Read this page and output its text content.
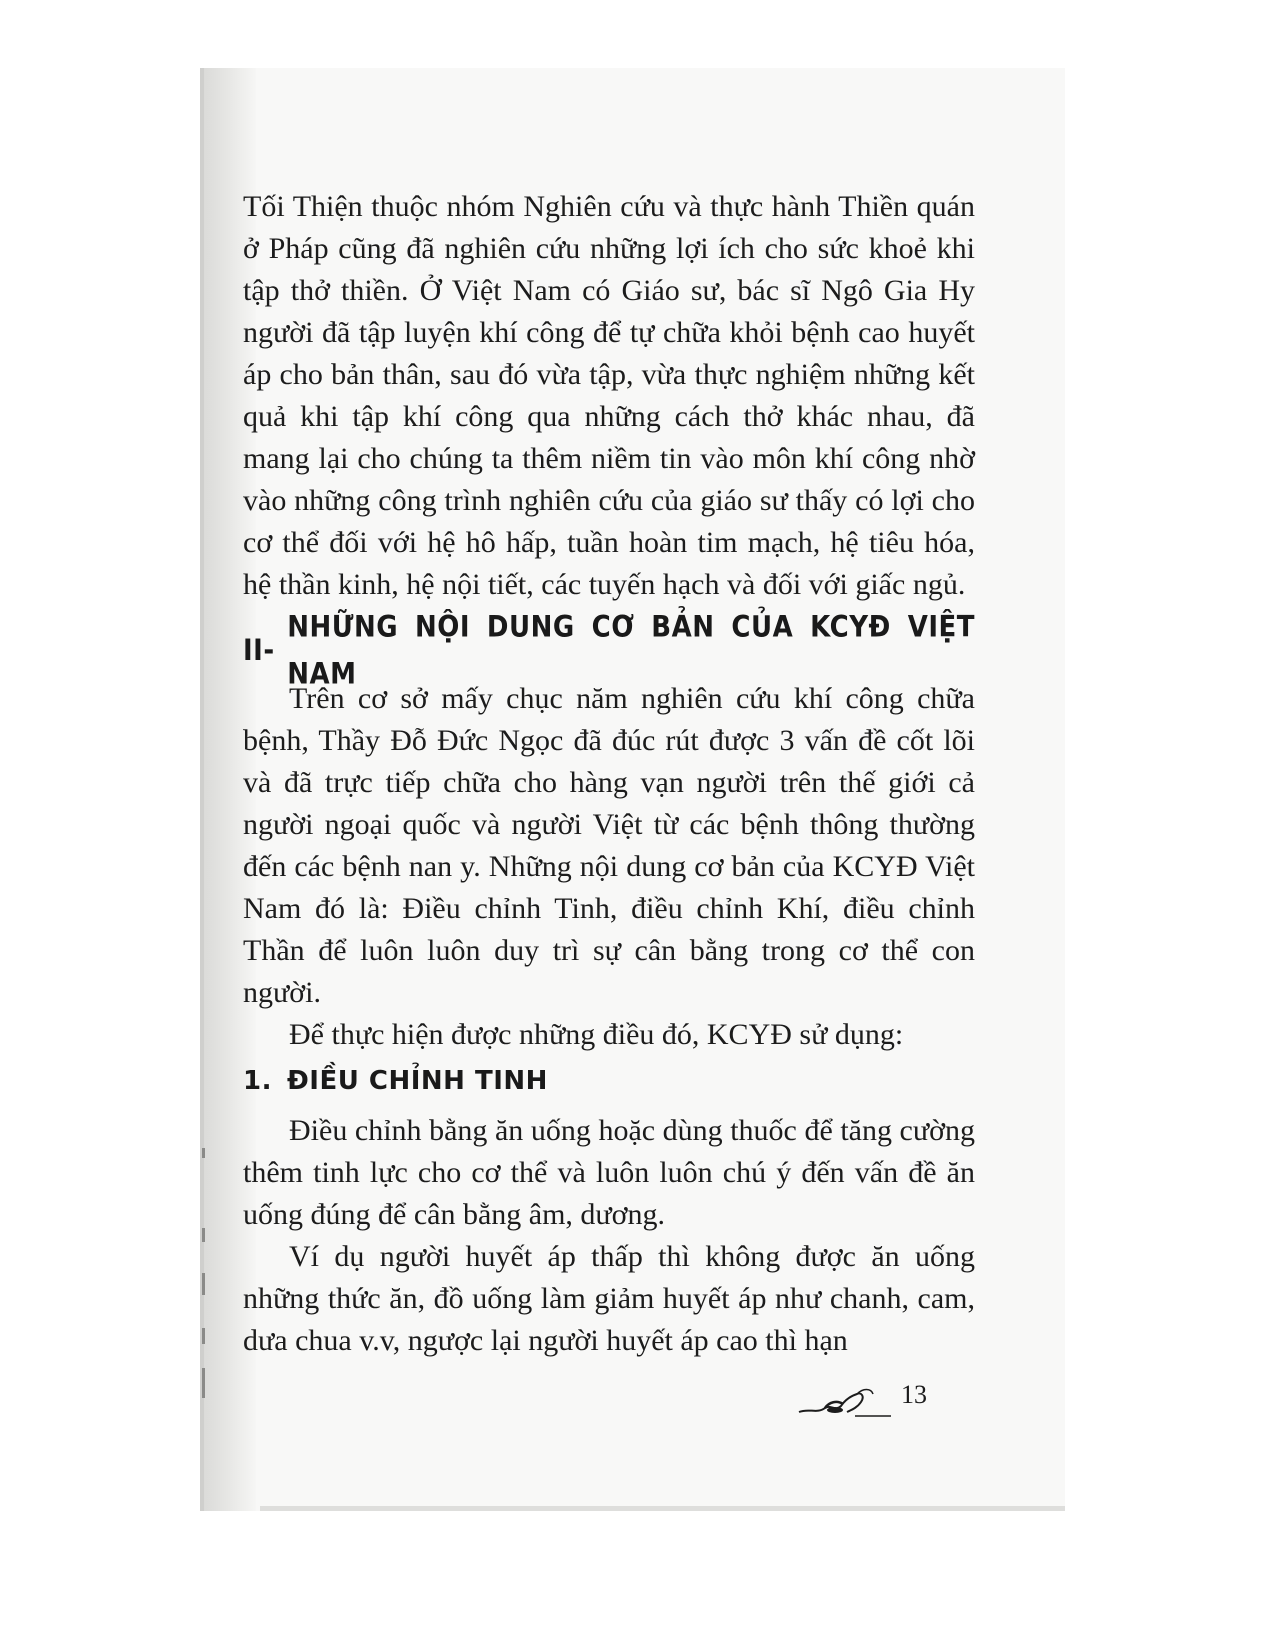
Tối Thiện thuộc nhóm Nghiên cứu và thực hành Thiền quán ở Pháp cũng đã nghiên cứu những lợi ích cho sức khoẻ khi tập thở thiền. Ở Việt Nam có Giáo sư, bác sĩ Ngô Gia Hy người đã tập luyện khí công để tự chữa khỏi bệnh cao huyết áp cho bản thân, sau đó vừa tập, vừa thực nghiệm những kết quả khi tập khí công qua những cách thở khác nhau, đã mang lại cho chúng ta thêm niềm tin vào môn khí công nhờ vào những công trình nghiên cứu của giáo sư thấy có lợi cho cơ thể đối với hệ hô hấp, tuần hoàn tim mạch, hệ tiêu hóa, hệ thần kinh, hệ nội tiết, các tuyến hạch và đối với giấc ngủ.

II-
NHỮNG NỘI DUNG CƠ BẢN CỦA KCYĐ VIỆT NAM

Trên cơ sở mấy chục năm nghiên cứu khí công chữa bệnh, Thầy Đỗ Đức Ngọc đã đúc rút được 3 vấn đề cốt lõi và đã trực tiếp chữa cho hàng vạn người trên thế giới cả người ngoại quốc và người Việt từ các bệnh thông thường đến các bệnh nan y. Những nội dung cơ bản của KCYĐ Việt Nam đó là: Điều chỉnh Tinh, điều chỉnh Khí, điều chỉnh Thần để luôn luôn duy trì sự cân bằng trong cơ thể con người.

Để thực hiện được những điều đó, KCYĐ sử dụng:

1. ĐIỀU CHỈNH TINH

Điều chỉnh bằng ăn uống hoặc dùng thuốc để tăng cường thêm tinh lực cho cơ thể và luôn luôn chú ý đến vấn đề ăn uống đúng để cân bằng âm, dương.

Ví dụ người huyết áp thấp thì không được ăn uống những thức ăn, đồ uống làm giảm huyết áp như chanh, cam, dưa chua v.v, ngược lại người huyết áp cao thì hạn

13
